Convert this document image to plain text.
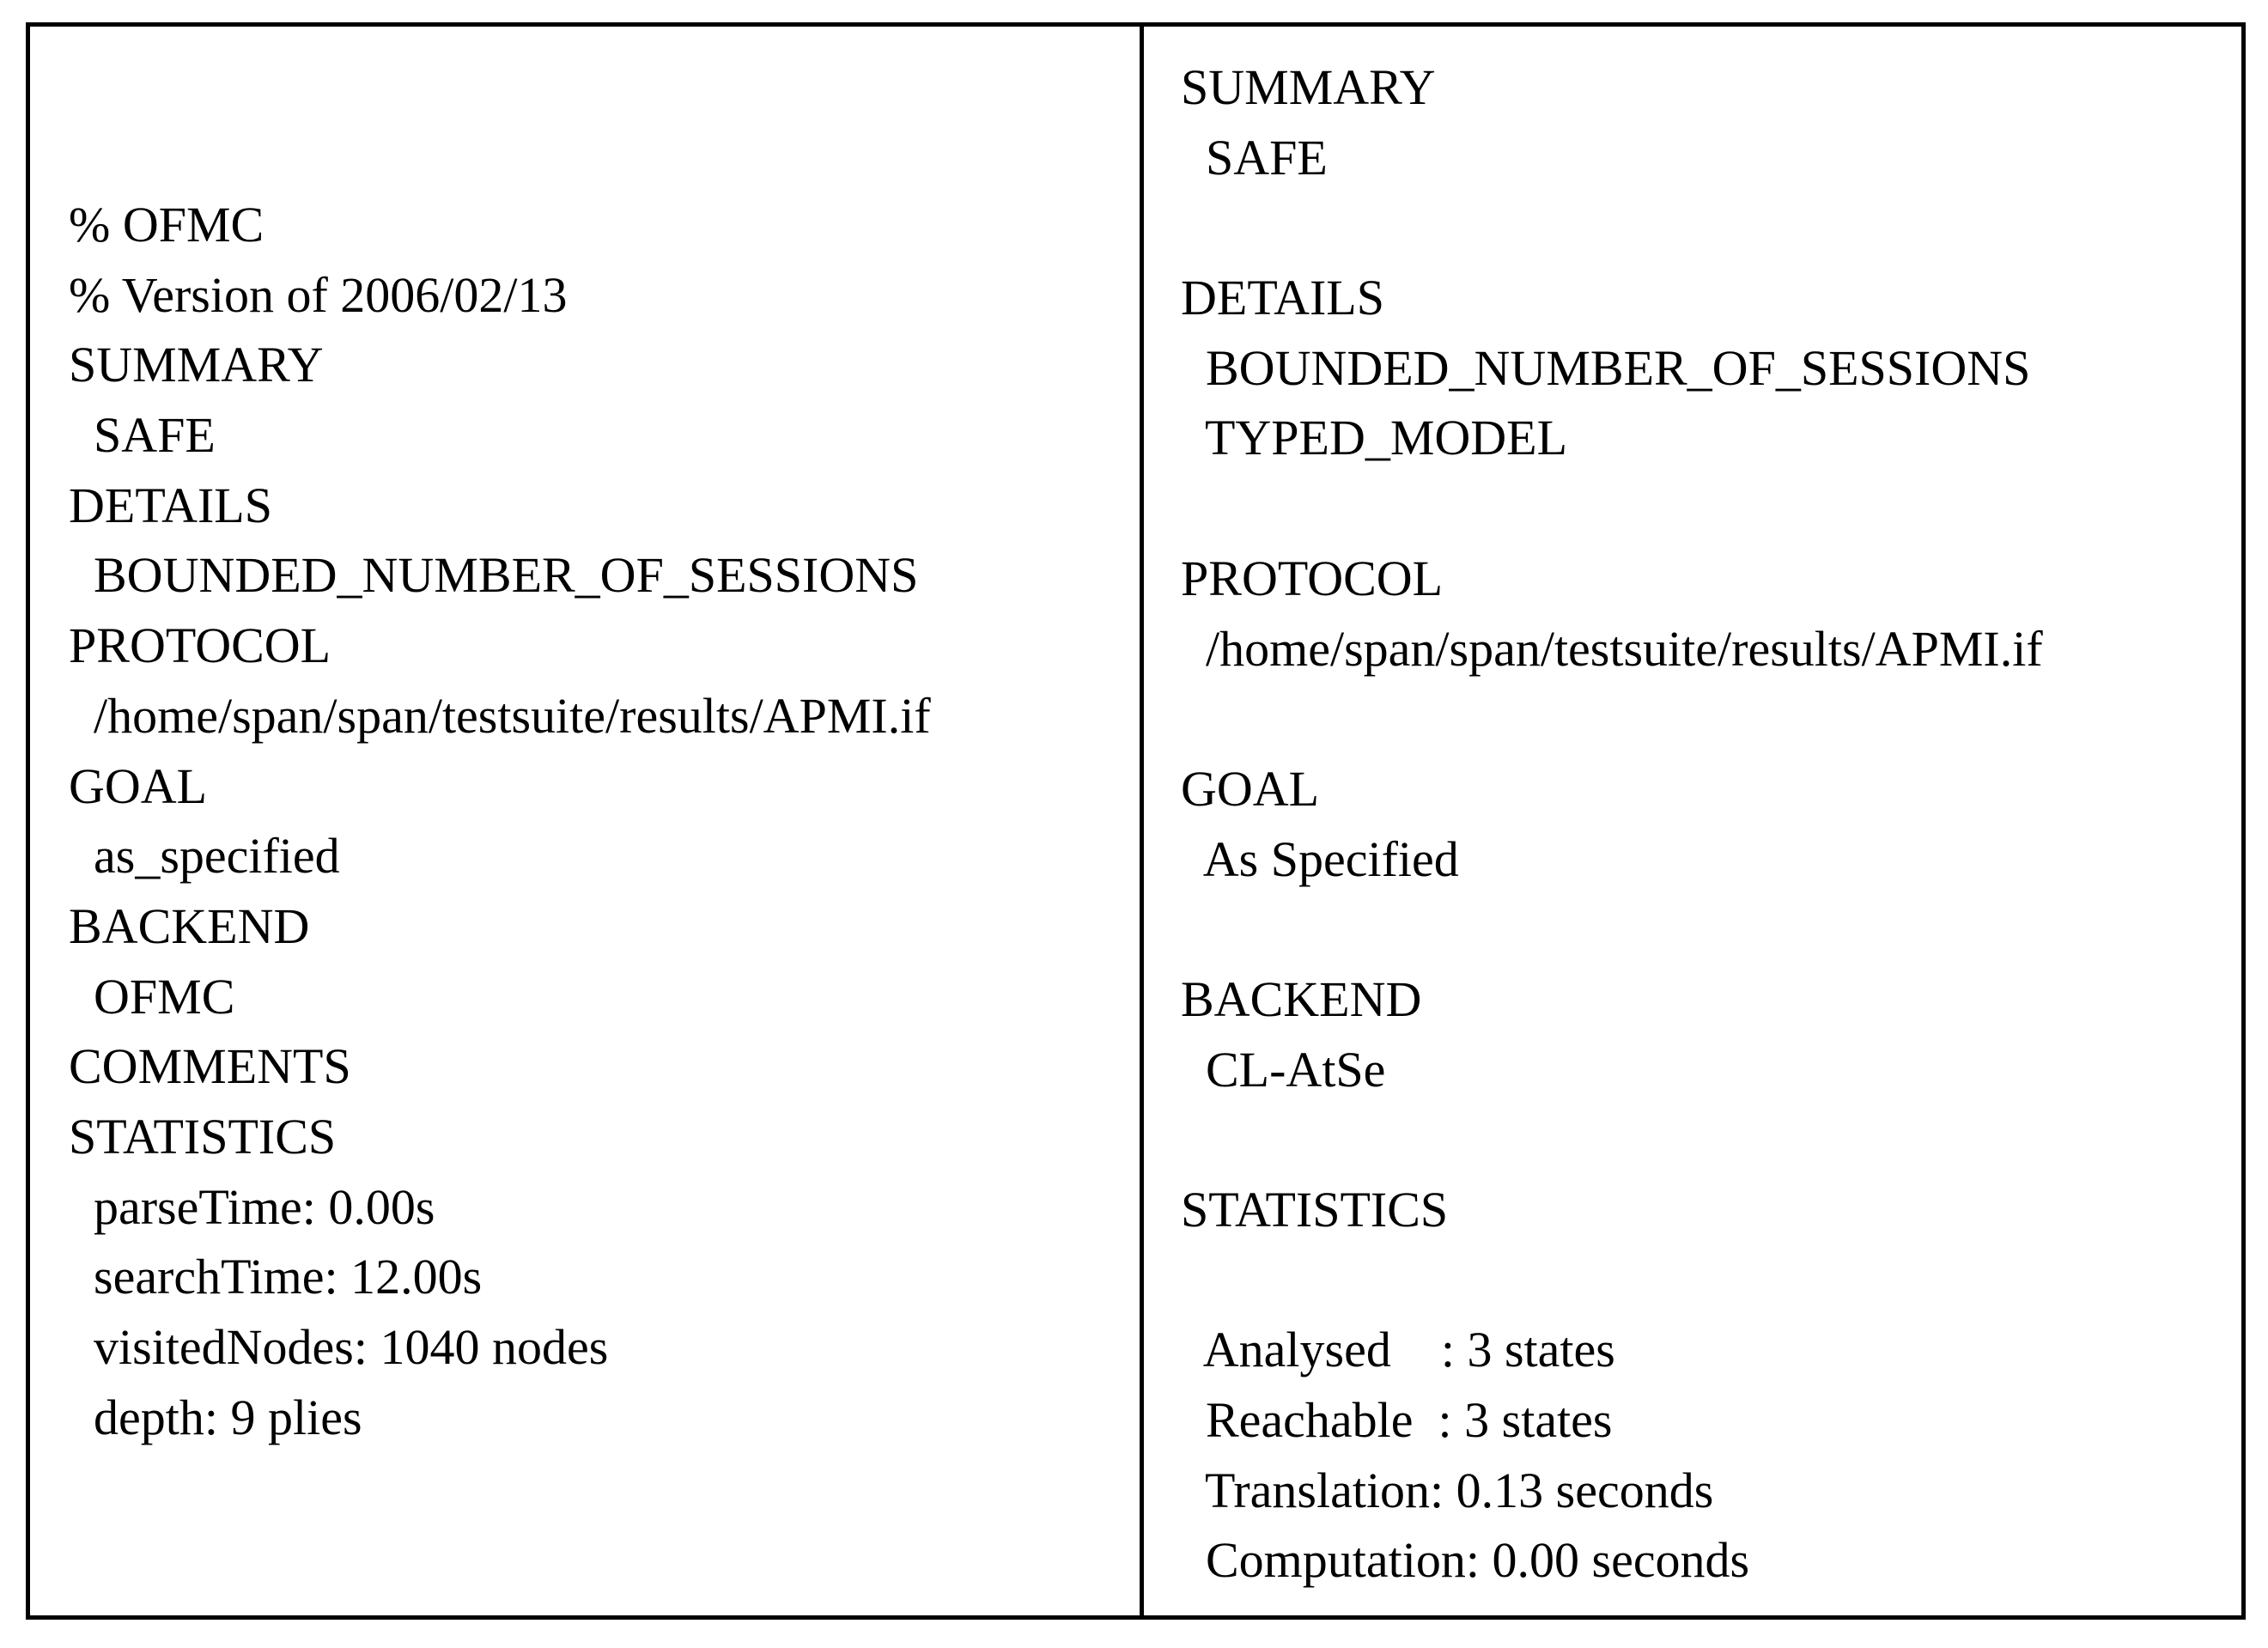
% OFMC
% Version of 2006/02/13
SUMMARY
SAFE
DETAILS
BOUNDED_NUMBER_OF_SESSIONS
PROTOCOL
/home/span/span/testsuite/results/APMI.if
GOAL
as_specified
BACKEND
OFMC
COMMENTS
STATISTICS
parseTime: 0.00s
searchTime: 12.00s
visitedNodes: 1040 nodes
depth: 9 plies
SUMMARY
SAFE
DETAILS
BOUNDED_NUMBER_OF_SESSIONS
TYPED_MODEL
PROTOCOL
/home/span/span/testsuite/results/APMI.if
GOAL
As Specified
BACKEND
CL-AtSe
STATISTICS
Analysed    : 3 states
Reachable  : 3 states
Translation: 0.13 seconds
Computation: 0.00 seconds
